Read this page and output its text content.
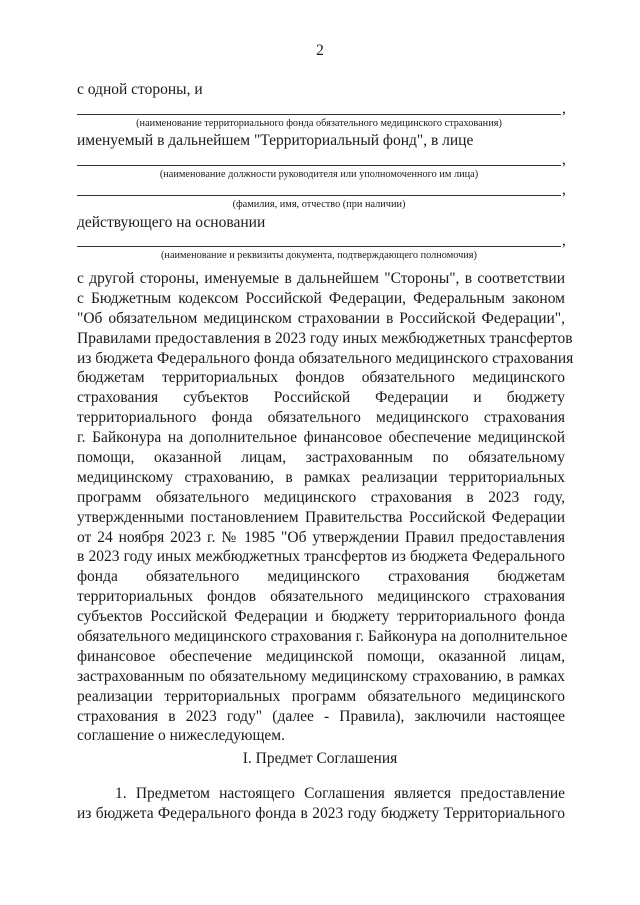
2
с одной стороны, и
,
(наименование территориального фонда обязательного медицинского страхования)
именуемый в дальнейшем "Территориальный фонд", в лице
,
(наименование должности руководителя или уполномоченного им лица)
,
(фамилия, имя, отчество (при наличии)
действующего на основании
,
(наименование и реквизиты документа, подтверждающего полномочия)
с другой стороны, именуемые в дальнейшем "Стороны", в соответствии
с Бюджетным кодексом Российской Федерации, Федеральным законом
"Об обязательном медицинском страховании в Российской Федерации",
Правилами предоставления в 2023 году иных межбюджетных трансфертов
из бюджета Федерального фонда обязательного медицинского страхования
бюджетам территориальных фондов обязательного медицинского
страхования субъектов Российской Федерации и бюджету
территориального фонда обязательного медицинского страхования
г. Байконура на дополнительное финансовое обеспечение медицинской
помощи, оказанной лицам, застрахованным по обязательному
медицинскому страхованию, в рамках реализации территориальных
программ обязательного медицинского страхования в 2023 году,
утвержденными постановлением Правительства Российской Федерации
от 24 ноября 2023 г. № 1985 "Об утверждении Правил предоставления
в 2023 году иных межбюджетных трансфертов из бюджета Федерального
фонда обязательного медицинского страхования бюджетам
территориальных фондов обязательного медицинского страхования
субъектов Российской Федерации и бюджету территориального фонда
обязательного медицинского страхования г. Байконура на дополнительное
финансовое обеспечение медицинской помощи, оказанной лицам,
застрахованным по обязательному медицинскому страхованию, в рамках
реализации территориальных программ обязательного медицинского
страхования в 2023 году" (далее - Правила), заключили настоящее
соглашение о нижеследующем.
I. Предмет Соглашения
1. Предметом настоящего Соглашения является предоставление
из бюджета Федерального фонда в 2023 году бюджету Территориального
